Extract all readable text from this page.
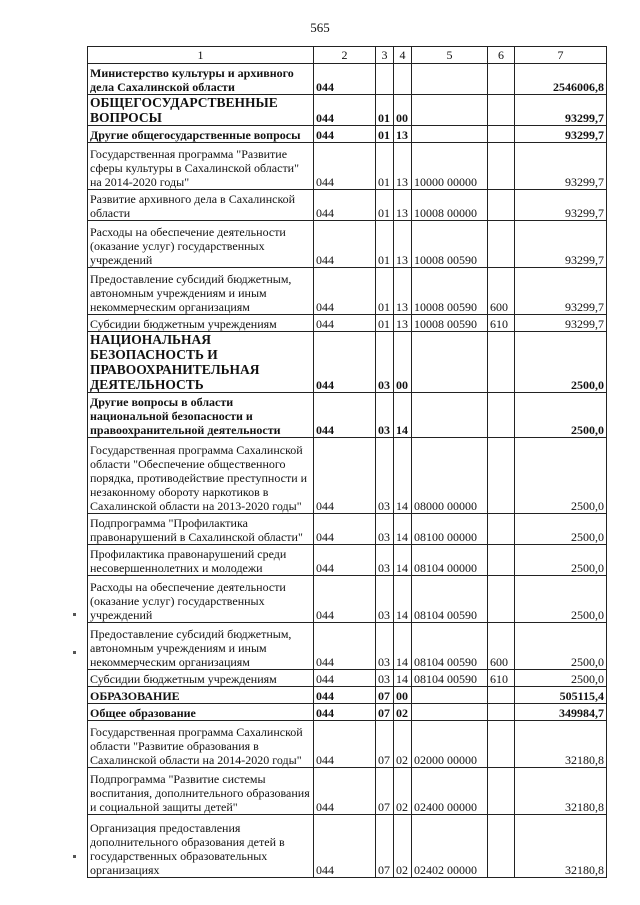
565
1	2	3	4	5	6	7
Министерство культуры и архивного дела Сахалинской области	044					2546006,8
ОБЩЕГОСУДАРСТВЕННЫЕ ВОПРОСЫ	044	01	00			93299,7
Другие общегосударственные вопросы	044	01	13			93299,7
Государственная программа "Развитие сферы культуры в Сахалинской области" на 2014-2020 годы"	044	01	13	10000 00000		93299,7
Развитие архивного дела в Сахалинской области	044	01	13	10008 00000		93299,7
Расходы на обеспечение деятельности (оказание услуг) государственных учреждений	044	01	13	10008 00590		93299,7
Предоставление субсидий бюджетным, автономным учреждениям и иным некоммерческим организациям	044	01	13	10008 00590	600	93299,7
Субсидии бюджетным учреждениям	044	01	13	10008 00590	610	93299,7
НАЦИОНАЛЬНАЯ БЕЗОПАСНОСТЬ И ПРАВООХРАНИТЕЛЬНАЯ ДЕЯТЕЛЬНОСТЬ	044	03	00			2500,0
Другие вопросы в области национальной безопасности и правоохранительной деятельности	044	03	14			2500,0
Государственная программа Сахалинской области "Обеспечение общественного порядка, противодействие преступности и незаконному обороту наркотиков в Сахалинской области на 2013-2020 годы"	044	03	14	08000 00000		2500,0
Подпрограмма "Профилактика правонарушений в Сахалинской области"	044	03	14	08100 00000		2500,0
Профилактика правонарушений среди несовершеннолетних и молодежи	044	03	14	08104 00000		2500,0
Расходы на обеспечение деятельности (оказание услуг) государственных учреждений	044	03	14	08104 00590		2500,0
Предоставление субсидий бюджетным, автономным учреждениям и иным некоммерческим организациям	044	03	14	08104 00590	600	2500,0
Субсидии бюджетным учреждениям	044	03	14	08104 00590	610	2500,0
ОБРАЗОВАНИЕ	044	07	00			505115,4
Общее образование	044	07	02			349984,7
Государственная программа Сахалинской области "Развитие образования в Сахалинской области на 2014-2020 годы"	044	07	02	02000 00000		32180,8
Подпрограмма "Развитие системы воспитания, дополнительного образования и социальной защиты детей"	044	07	02	02400 00000		32180,8
Организация предоставления дополнительного образования детей в государственных образовательных организациях	044	07	02	02402 00000		32180,8
